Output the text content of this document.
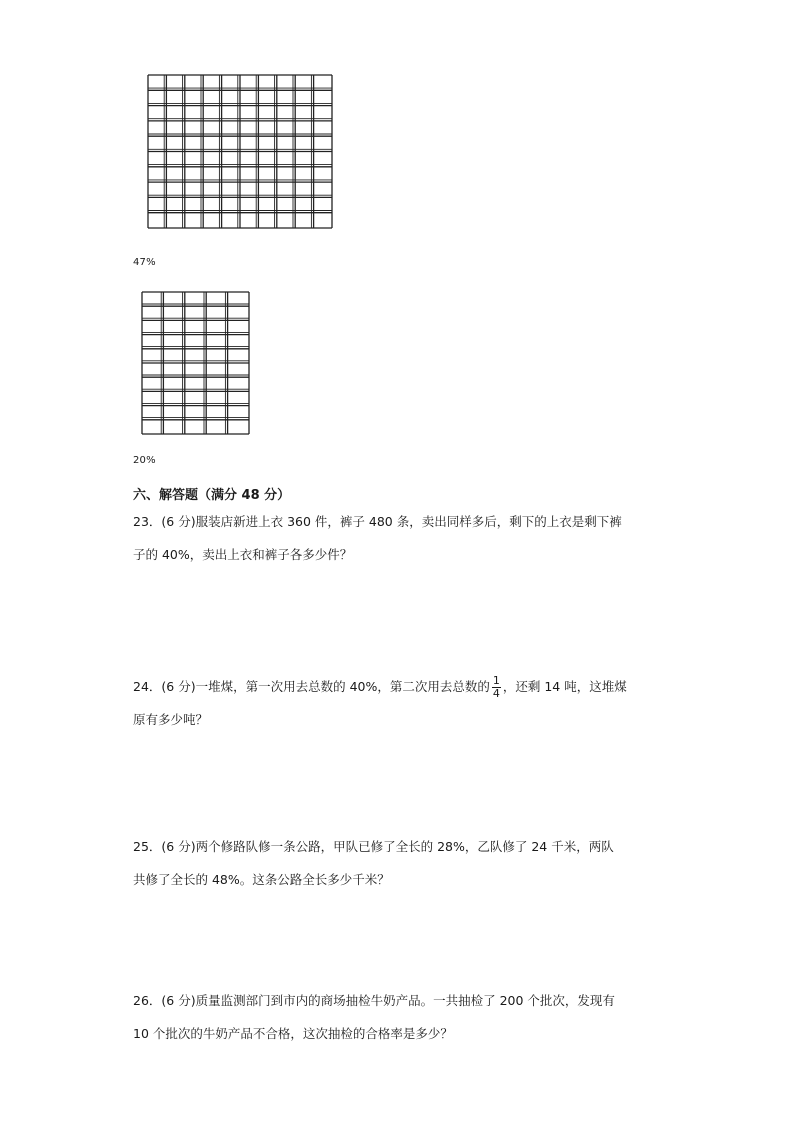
47%
20%
六、解答题（满分 48 分）
23．(6 分)服装店新进上衣 360 件，裤子 480 条，卖出同样多后，剩下的上衣是剩下裤
子的 40%，卖出上衣和裤子各多少件？
24．(6 分)一堆煤，第一次用去总数的 40%，第二次用去总数的 $\frac{1}{4}$ ，还剩 14 吨，这堆煤
原有多少吨？
25．(6 分)两个修路队修一条公路，甲队已修了全长的 28%，乙队修了 24 千米，两队
共修了全长的 48%。这条公路全长多少千米？
26．(6 分)质量监测部门到市内的商场抽检牛奶产品。一共抽检了 200 个批次，发现有
10 个批次的牛奶产品不合格，这次抽检的合格率是多少？
